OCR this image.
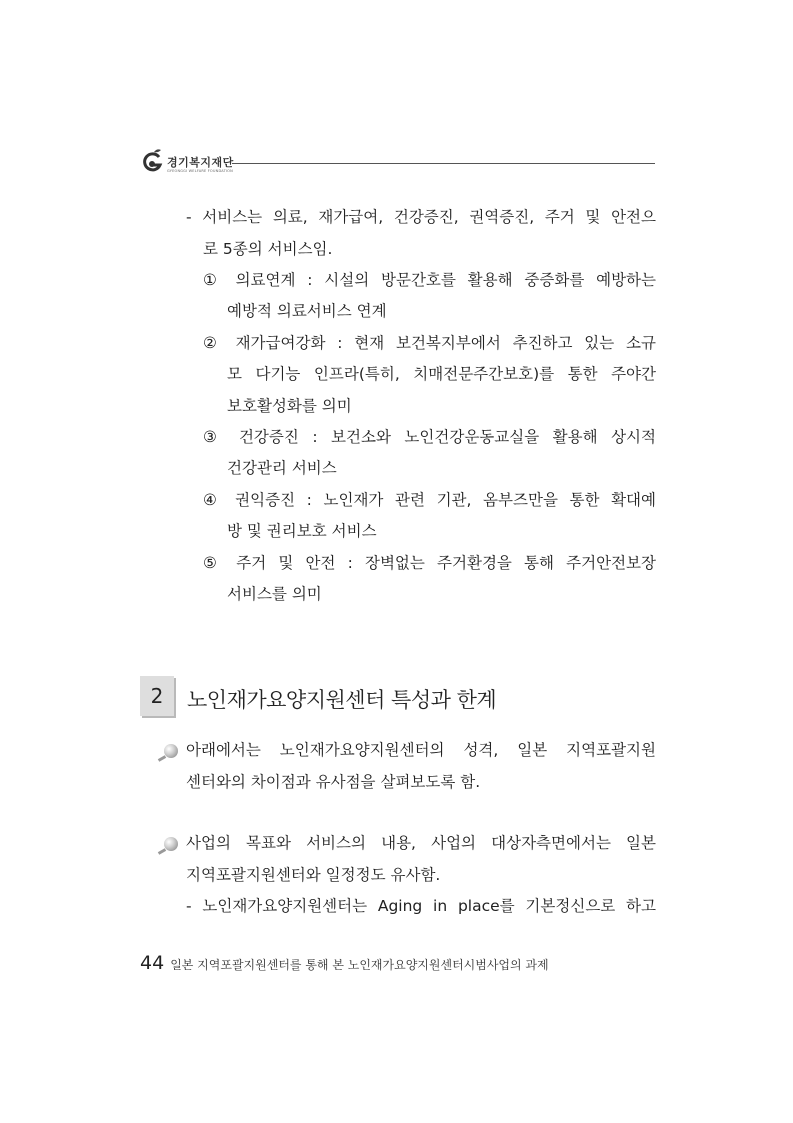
경기복지재단
GYEONGGI WELFARE FOUNDATION
- 서비스는 의료, 재가급여, 건강증진, 권역증진, 주거 및 안전으
로 5종의 서비스임.
① 의료연계 : 시설의 방문간호를 활용해 중증화를 예방하는
예방적 의료서비스 연계
② 재가급여강화 : 현재 보건복지부에서 추진하고 있는 소규
모 다기능 인프라(특히, 치매전문주간보호)를 통한 주야간
보호활성화를 의미
③ 건강증진 : 보건소와 노인건강운동교실을 활용해 상시적
건강관리 서비스
④ 권익증진 : 노인재가 관련 기관, 옴부즈만을 통한 확대예
방 및 권리보호 서비스
⑤ 주거 및 안전 : 장벽없는 주거환경을 통해 주거안전보장
서비스를 의미
2	노인재가요양지원센터 특성과 한계
아래에서는 노인재가요양지원센터의 성격, 일본 지역포괄지원
센터와의 차이점과 유사점을 살펴보도록 함.
사업의 목표와 서비스의 내용, 사업의 대상자측면에서는 일본
지역포괄지원센터와 일정정도 유사함.
- 노인재가요양지원센터는 Aging in place를 기본정신으로 하고
44 일본 지역포괄지원센터를 통해 본 노인재가요양지원센터시범사업의 과제
